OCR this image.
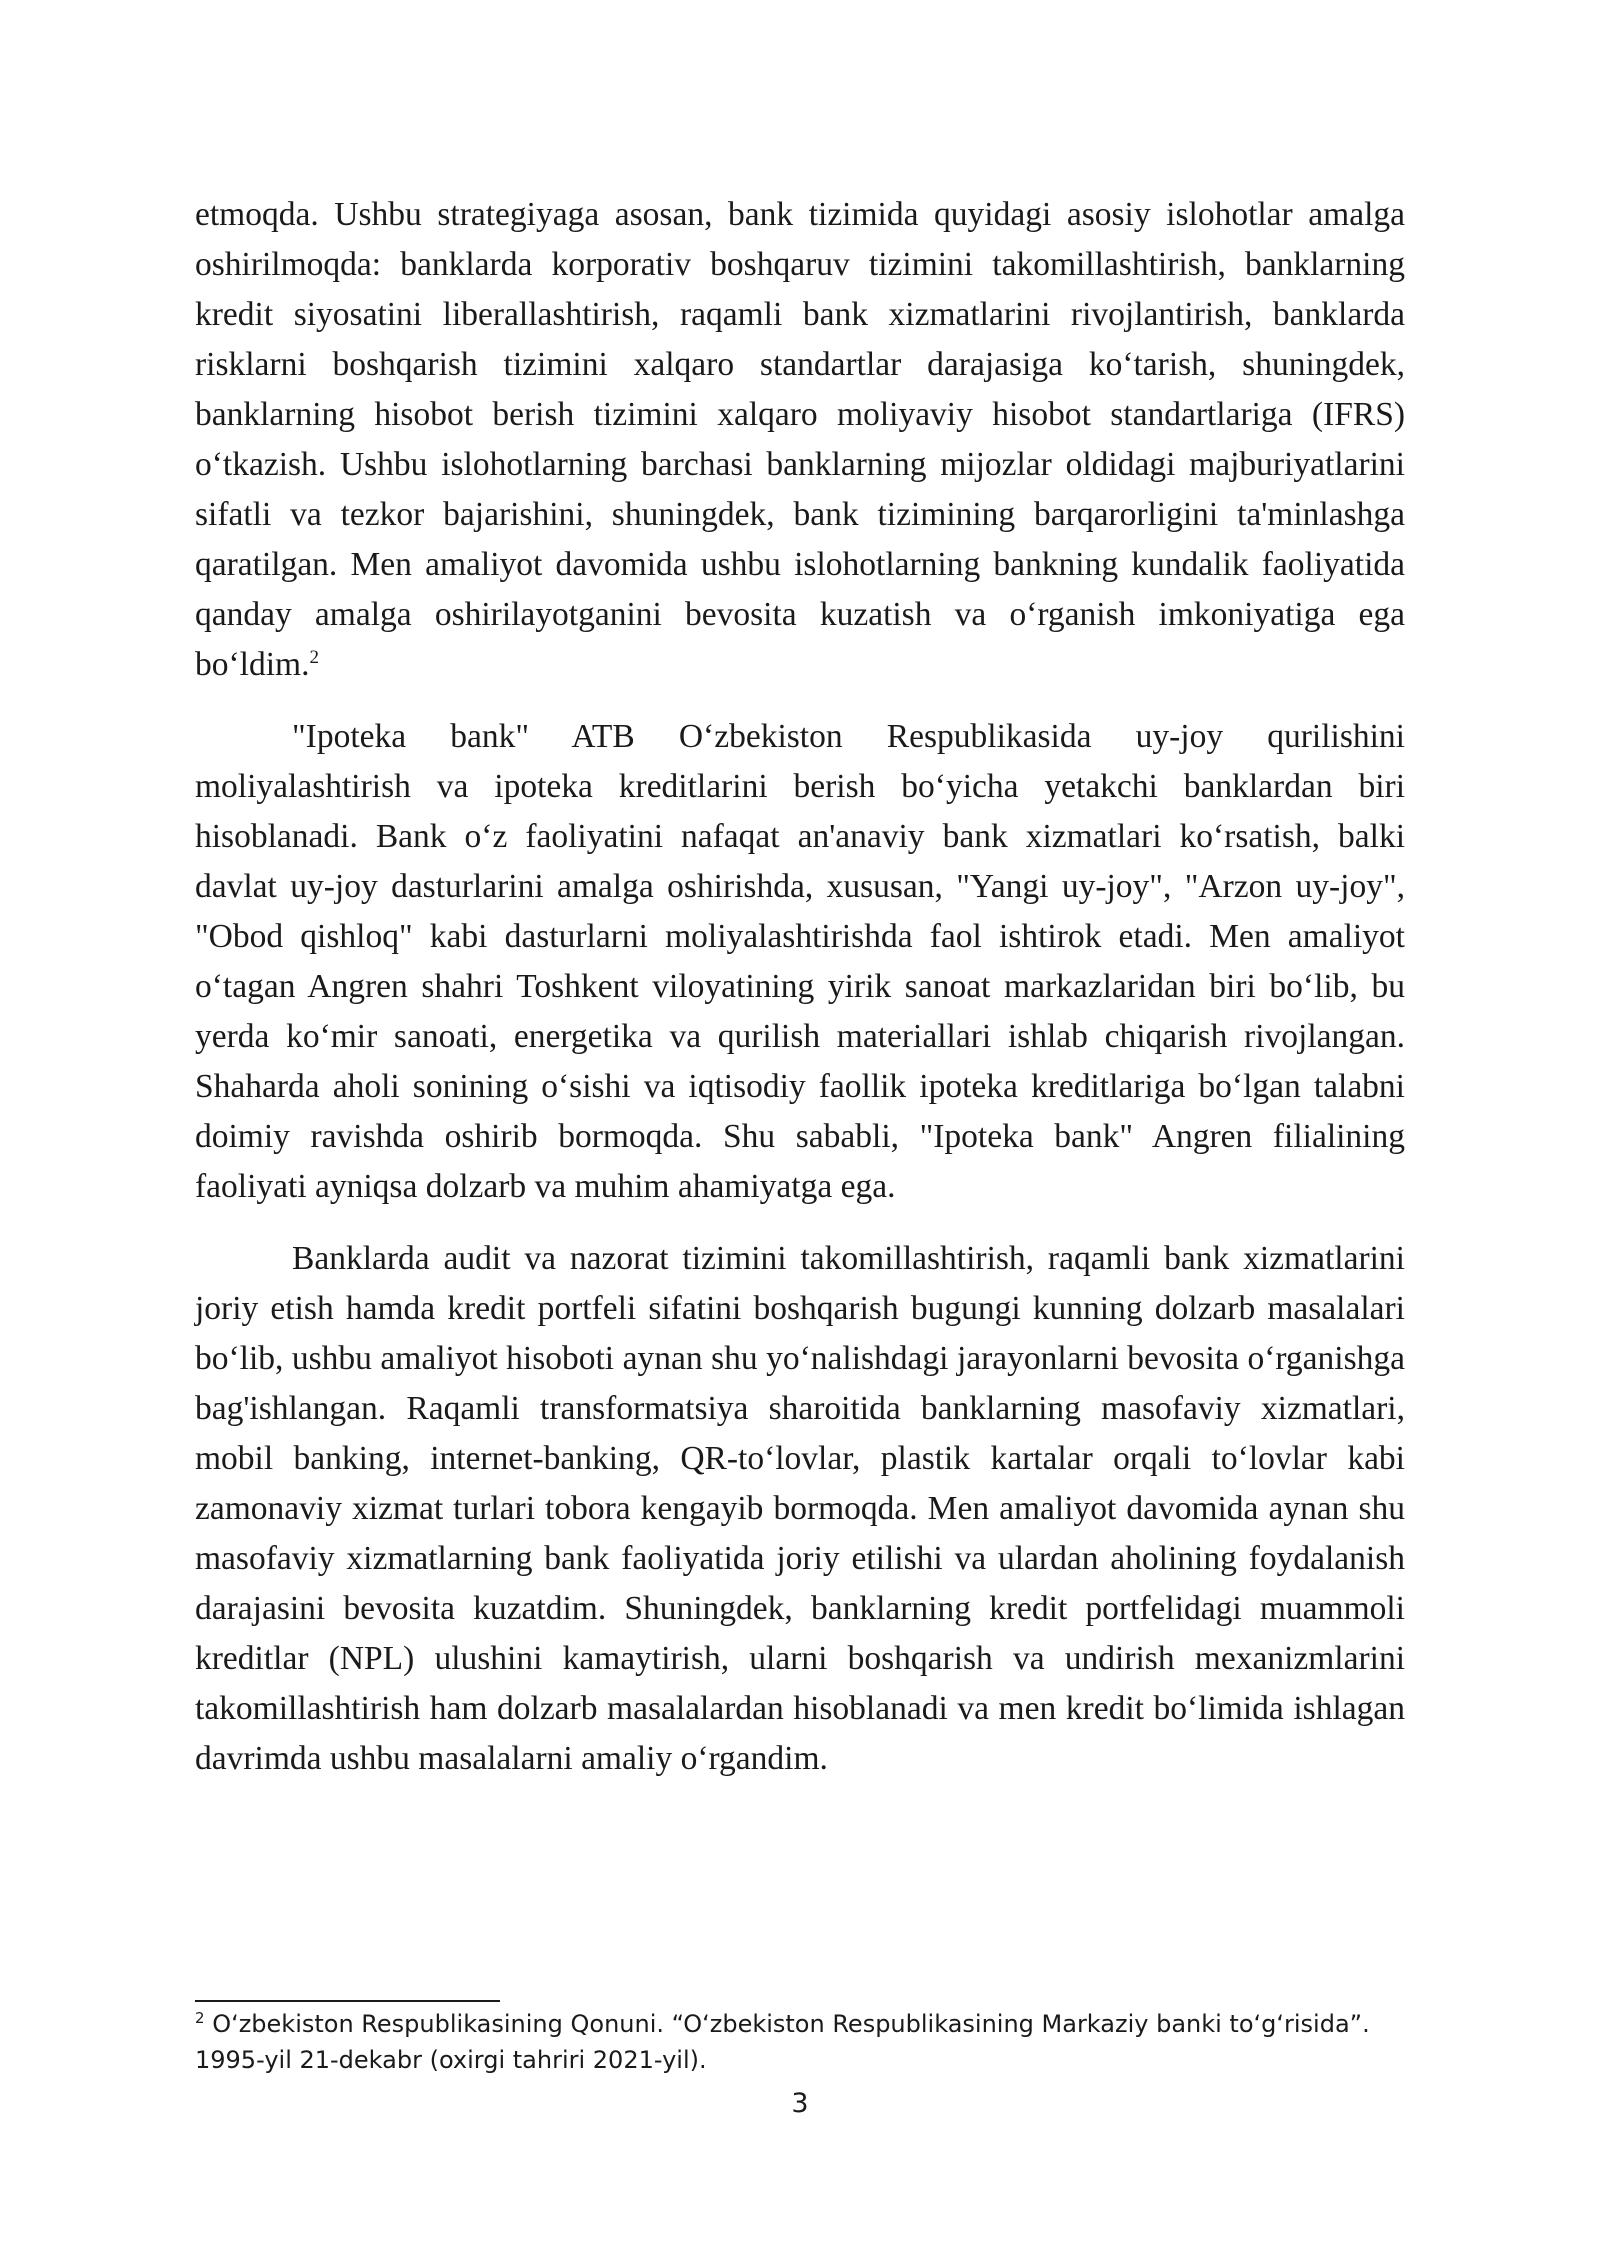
etmoqda. Ushbu strategiyaga asosan, bank tizimida quyidagi asosiy islohotlar amalga oshirilmoqda: banklarda korporativ boshqaruv tizimini takomillashtirish, banklarning kredit siyosatini liberallashtirish, raqamli bank xizmatlarini rivojlantirish, banklarda risklarni boshqarish tizimini xalqaro standartlar darajasiga ko‘tarish, shuningdek, banklarning hisobot berish tizimini xalqaro moliyaviy hisobot standartlariga (IFRS) o‘tkazish. Ushbu islohotlarning barchasi banklarning mijozlar oldidagi majburiyatlarini sifatli va tezkor bajarishini, shuningdek, bank tizimining barqarorligini ta'minlashga qaratilgan. Men amaliyot davomida ushbu islohotlarning bankning kundalik faoliyatida qanday amalga oshirilayotganini bevosita kuzatish va o‘rganish imkoniyatiga ega bo‘ldim.$^2$

"Ipoteka bank" ATB O‘zbekiston Respublikasida uy-joy qurilishini moliyalashtirish va ipoteka kreditlarini berish bo‘yicha yetakchi banklardan biri hisoblanadi. Bank o‘z faoliyatini nafaqat an'anaviy bank xizmatlari ko‘rsatish, balki davlat uy-joy dasturlarini amalga oshirishda, xususan, "Yangi uy-joy", "Arzon uy-joy", "Obod qishloq" kabi dasturlarni moliyalashtirishda faol ishtirok etadi. Men amaliyot o‘tagan Angren shahri Toshkent viloyatining yirik sanoat markazlaridan biri bo‘lib, bu yerda ko‘mir sanoati, energetika va qurilish materiallari ishlab chiqarish rivojlangan. Shaharda aholi sonining o‘sishi va iqtisodiy faollik ipoteka kreditlariga bo‘lgan talabni doimiy ravishda oshirib bormoqda. Shu sababli, "Ipoteka bank" Angren filialining faoliyati ayniqsa dolzarb va muhim ahamiyatga ega.

Banklarda audit va nazorat tizimini takomillashtirish, raqamli bank xizmatlarini joriy etish hamda kredit portfeli sifatini boshqarish bugungi kunning dolzarb masalalari bo‘lib, ushbu amaliyot hisoboti aynan shu yo‘nalishdagi jarayonlarni bevosita o‘rganishga bag'ishlangan. Raqamli transformatsiya sharoitida banklarning masofaviy xizmatlari, mobil banking, internet-banking, QR-to‘lovlar, plastik kartalar orqali to‘lovlar kabi zamonaviy xizmat turlari tobora kengayib bormoqda. Men amaliyot davomida aynan shu masofaviy xizmatlarning bank faoliyatida joriy etilishi va ulardan aholining foydalanish darajasini bevosita kuzatdim. Shuningdek, banklarning kredit portfelidagi muammoli kreditlar (NPL) ulushini kamaytirish, ularni boshqarish va undirish mexanizmlarini takomillashtirish ham dolzarb masalalardan hisoblanadi va men kredit bo‘limida ishlagan davrimda ushbu masalalarni amaliy o‘rgandim.

$^2$ O‘zbekiston Respublikasining Qonuni. “O‘zbekiston Respublikasining Markaziy banki to‘g‘risida”. 1995-yil 21-dekabr (oxirgi tahriri 2021-yil).

3
